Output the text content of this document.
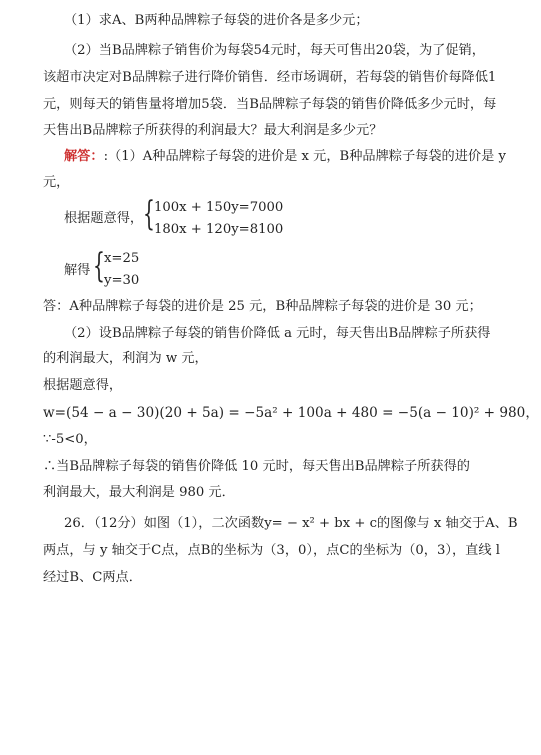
（1）求A、B两种品牌粽子每袋的进价各是多少元；
（2）当B品牌粽子销售价为每袋54元时，每天可售出20袋，为了促销，
该超市决定对B品牌粽子进行降价销售．经市场调研，若每袋的销售价每降低1
元，则每天的销售量将增加5袋．当B品牌粽子每袋的销售价降低多少元时，每
天售出B品牌粽子所获得的利润最大？最大利润是多少元？
解答：:（1）A种品牌粽子每袋的进价是 x 元，B种品牌粽子每袋的进价是 y
元，
根据题意得， { 100x + 150y=7000
180x + 120y=8100
解得 { x=25
y=30
答：A种品牌粽子每袋的进价是 25 元，B种品牌粽子每袋的进价是 30 元；
（2）设B品牌粽子每袋的销售价降低 a 元时，每天售出B品牌粽子所获得
的利润最大，利润为 w 元，
根据题意得，
w=(54 − a − 30)(20 + 5a) = −5a² + 100a + 480 = −5(a − 10)² + 980，
∵-5<0，
∴当B品牌粽子每袋的销售价降低 10 元时，每天售出B品牌粽子所获得的
利润最大，最大利润是 980 元．
26．（12分）如图（1），二次函数y= − x² + bx + c的图像与 x 轴交于A、B
两点，与 y 轴交于C点，点B的坐标为（3，0），点C的坐标为（0，3），直线 l
经过B、C两点．
